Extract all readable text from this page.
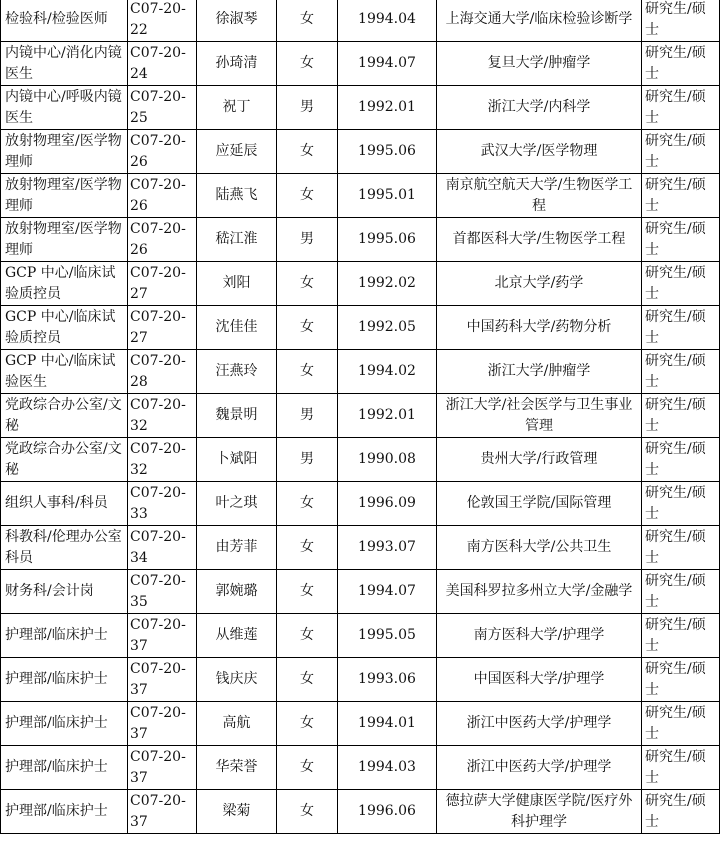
检验科/检验医师	C07-20-22	徐淑琴	女	1994.04	上海交通大学/临床检验诊断学	研究生/硕士
内镜中心/消化内镜医生	C07-20-24	孙琦清	女	1994.07	复旦大学/肿瘤学	研究生/硕士
内镜中心/呼吸内镜医生	C07-20-25	祝丁	男	1992.01	浙江大学/内科学	研究生/硕士
放射物理室/医学物理师	C07-20-26	应延辰	女	1995.06	武汉大学/医学物理	研究生/硕士
放射物理室/医学物理师	C07-20-26	陆燕飞	女	1995.01	南京航空航天大学/生物医学工程	研究生/硕士
放射物理室/医学物理师	C07-20-26	嵇江淮	男	1995.06	首都医科大学/生物医学工程	研究生/硕士
GCP 中心/临床试验质控员	C07-20-27	刘阳	女	1992.02	北京大学/药学	研究生/硕士
GCP 中心/临床试验质控员	C07-20-27	沈佳佳	女	1992.05	中国药科大学/药物分析	研究生/硕士
GCP 中心/临床试验医生	C07-20-28	汪燕玲	女	1994.02	浙江大学/肿瘤学	研究生/硕士
党政综合办公室/文秘	C07-20-32	魏景明	男	1992.01	浙江大学/社会医学与卫生事业管理	研究生/硕士
党政综合办公室/文秘	C07-20-32	卜斌阳	男	1990.08	贵州大学/行政管理	研究生/硕士
组织人事科/科员	C07-20-33	叶之琪	女	1996.09	伦敦国王学院/国际管理	研究生/硕士
科教科/伦理办公室科员	C07-20-34	由芳菲	女	1993.07	南方医科大学/公共卫生	研究生/硕士
财务科/会计岗	C07-20-35	郭婉璐	女	1994.07	美国科罗拉多州立大学/金融学	研究生/硕士
护理部/临床护士	C07-20-37	从维莲	女	1995.05	南方医科大学/护理学	研究生/硕士
护理部/临床护士	C07-20-37	钱庆庆	女	1993.06	中国医科大学/护理学	研究生/硕士
护理部/临床护士	C07-20-37	高航	女	1994.01	浙江中医药大学/护理学	研究生/硕士
护理部/临床护士	C07-20-37	华荣誉	女	1994.03	浙江中医药大学/护理学	研究生/硕士
护理部/临床护士	C07-20-37	梁菊	女	1996.06	德拉萨大学健康医学院/医疗外科护理学	研究生/硕士
